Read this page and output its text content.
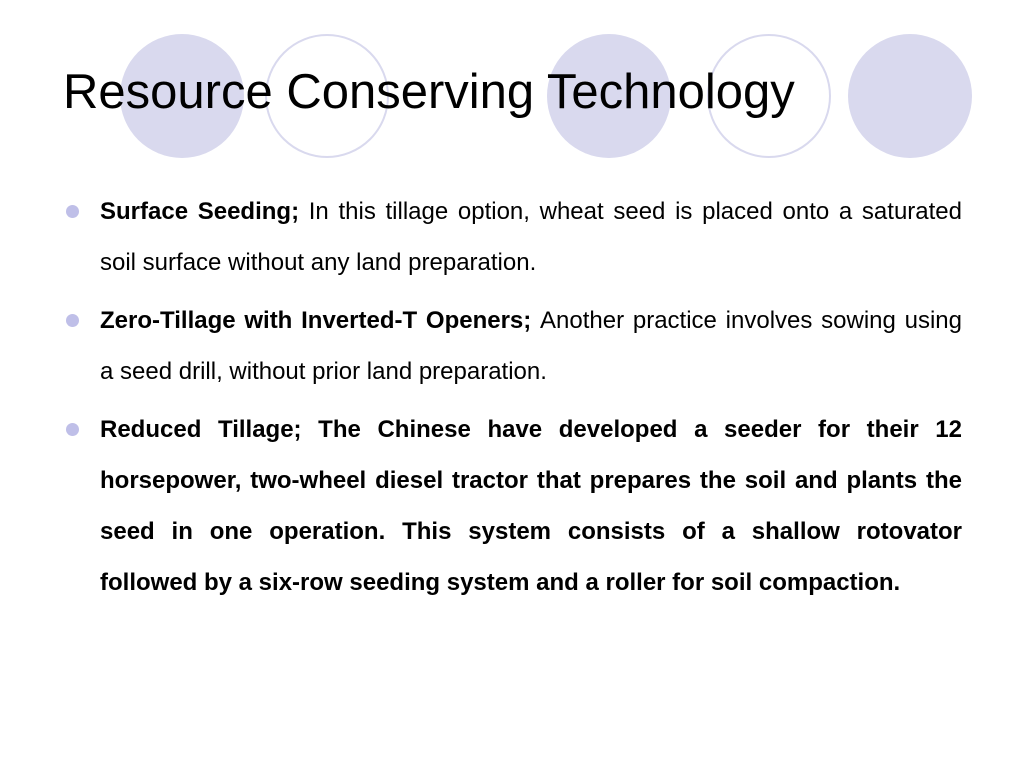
Resource Conserving Technology
Surface Seeding; In this tillage option, wheat seed is placed onto a saturated soil surface without any land preparation.
Zero-Tillage with Inverted-T Openers; Another practice involves sowing using a seed drill, without prior land preparation.
Reduced Tillage; The Chinese have developed a seeder for their 12 horsepower, two-wheel diesel tractor that prepares the soil and plants the seed in one operation. This system consists of a shallow rotovator followed by a six-row seeding system and a roller for soil compaction.
